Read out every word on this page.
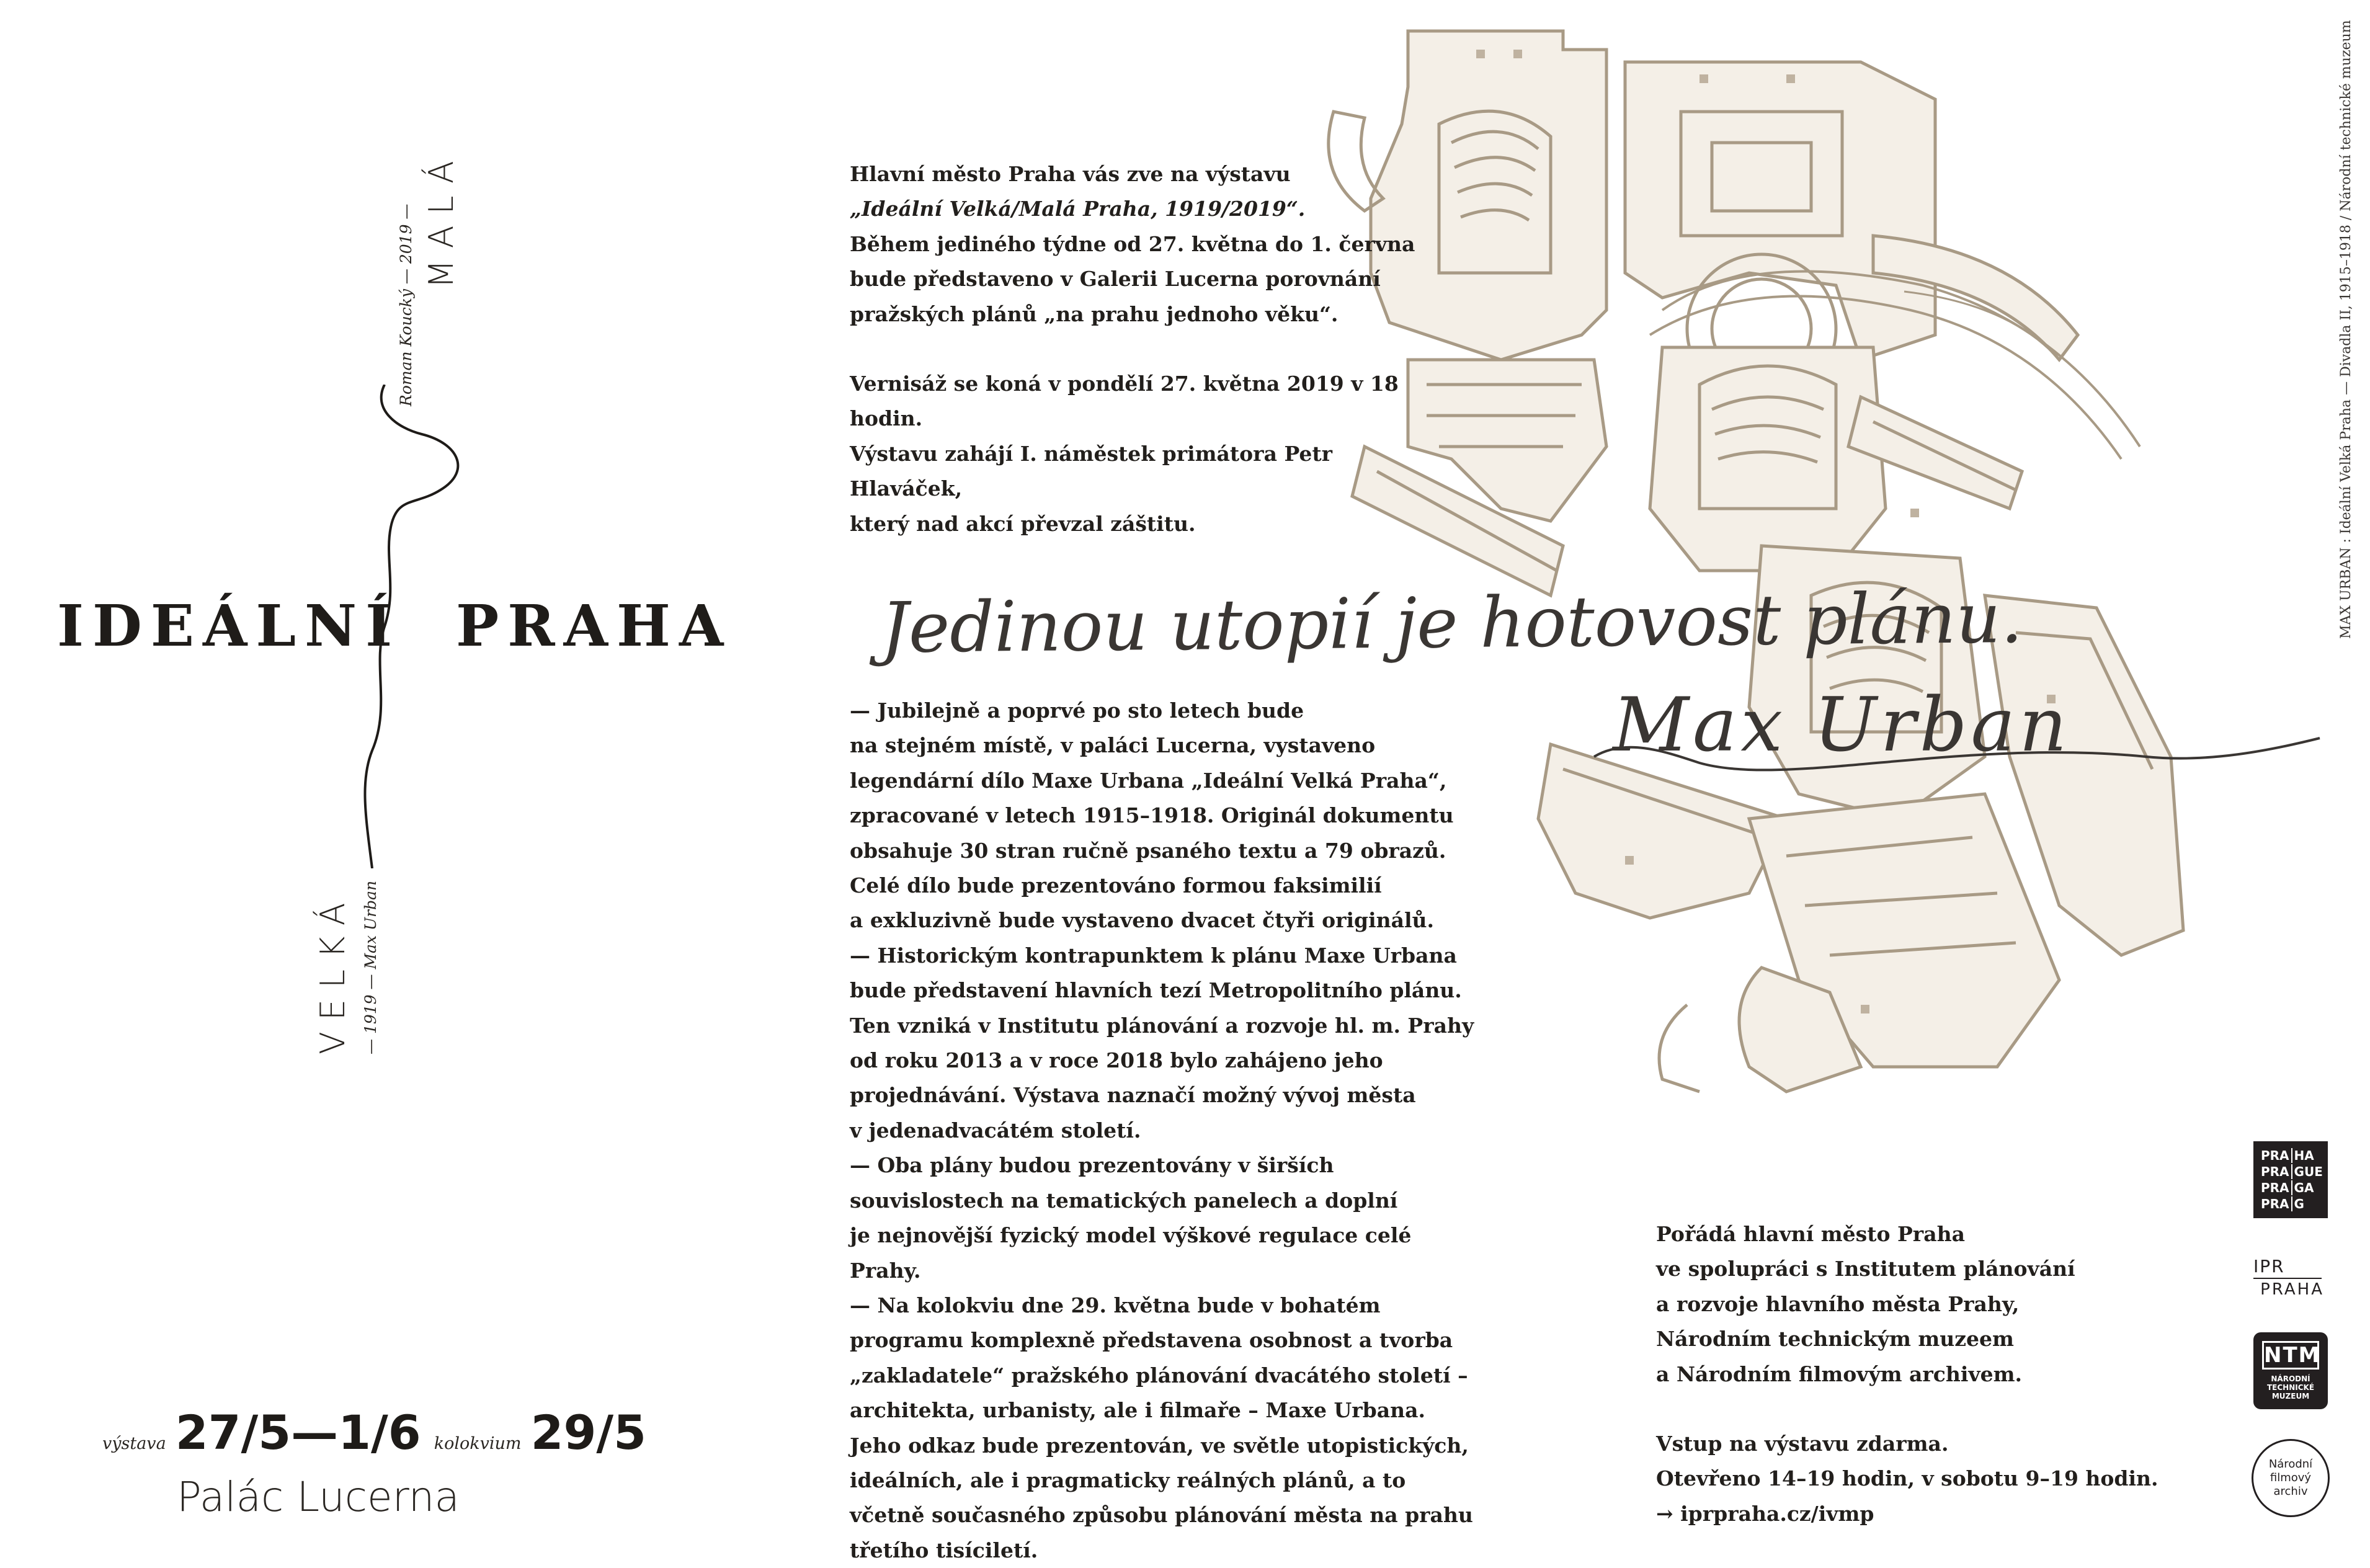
IDEÁLNÍ PRAHA
Roman Koucký — 2019 — MALÁ
VELKÁ — 1919 — Max Urban
výstava 27/5—1/6 kolokvium 29/5
Palác Lucerna

Hlavní město Praha vás zve na výstavu

„Ideální Velká/Malá Praha, 1919/2019“.

Během jediného týdne od 27. května do 1. června

bude představeno v Galerii Lucerna porovnání

pražských plánů „na prahu jednoho věku“.

Vernisáž se koná v pondělí 27. května 2019 v 18 hodin.

Výstavu zahájí I. náměstek primátora Petr Hlaváček,

který nad akcí převzal záštitu.

Jedinou utopií je hotovost plánu.
Max Urban

— Jubilejně a poprvé po sto letech bude

na stejném místě, v paláci Lucerna, vystaveno

legendární dílo Maxe Urbana „Ideální Velká Praha“,

zpracované v letech 1915–1918. Originál dokumentu

obsahuje 30 stran ručně psaného textu a 79 obrazů.

Celé dílo bude prezentováno formou faksimilií

a exkluzivně bude vystaveno dvacet čtyři originálů.

— Historickým kontrapunktem k plánu Maxe Urbana

bude představení hlavních tezí Metropolitního plánu.

Ten vzniká v Institutu plánování a rozvoje hl. m. Prahy

od roku 2013 a v roce 2018 bylo zahájeno jeho

projednávání. Výstava naznačí možný vývoj města

v jedenadvacátém století.

— Oba plány budou prezentovány v širších

souvislostech na tematických panelech a doplní

je nejnovější fyzický model výškové regulace celé Prahy.

— Na kolokviu dne 29. května bude v bohatém

programu komplexně představena osobnost a tvorba

„zakladatele“ pražského plánování dvacátého století –

architekta, urbanisty, ale i filmaře – Maxe Urbana.

Jeho odkaz bude prezentován, ve světle utopistických,

ideálních, ale i pragmaticky reálných plánů, a to

včetně současného způsobu plánování města na prahu

třetího tisíciletí.

Pořádá hlavní město Praha

ve spolupráci s Institutem plánování

a rozvoje hlavního města Prahy,

Národním technickým muzeem

a Národním filmovým archivem.

Vstup na výstavu zdarma.

Otevřeno 14–19 hodin, v sobotu 9–19 hodin.

→ iprpraha.cz/ivmp

MAX URBAN : Ideální Velká Praha — Divadla II, 1915–1918 / Národní technické muzeum
PRA HA
PRA GUE
PRA GA
PRA G
IPR
PRAHA
NTM
NÁRODNÍ TECHNICKÉ MUZEUM
Národní filmový archiv
